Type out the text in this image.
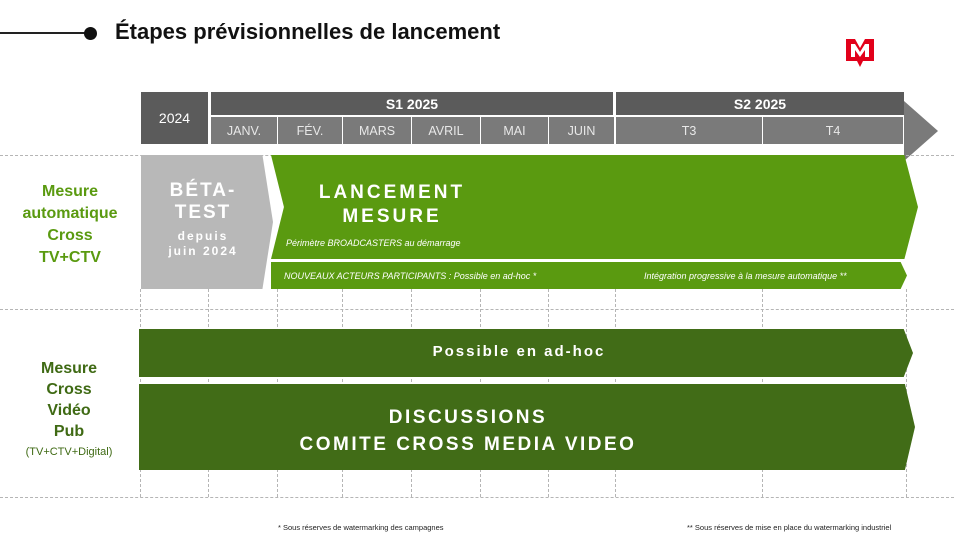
Étapes prévisionnelles de lancement
2024
S1 2025	S2 2025
JANV.	FÉV.	MARS	AVRIL	MAI	JUIN	T3	T4
Mesure
automatique
Cross
TV+CTV
Mesure
Cross
Vidéo
Pub
(TV+CTV+Digital)
BÉTA-
TEST
depuis
juin 2024
LANCEMENT
MESURE
Périmètre BROADCASTERS au démarrage
NOUVEAUX ACTEURS PARTICIPANTS : Possible en ad-hoc *	Intégration progressive à la mesure automatique **
Possible en ad-hoc
DISCUSSIONS
COMITE CROSS MEDIA VIDEO
* Sous réserves de watermarking des campagnes	** Sous réserves de mise en place du watermarking industriel
